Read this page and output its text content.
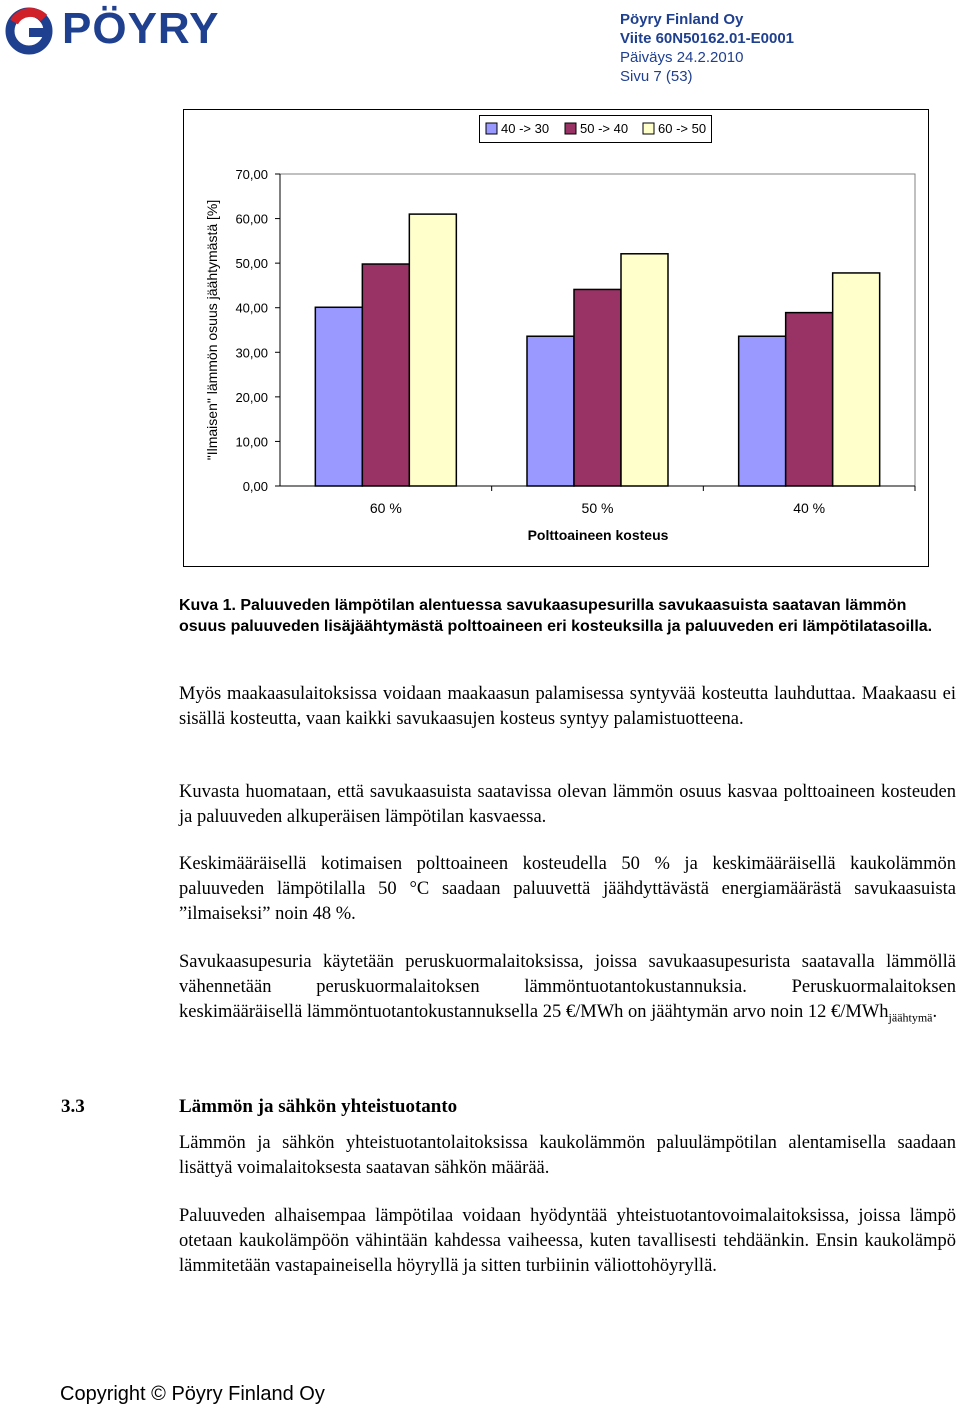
PÖYRY	Pöyry Finland Oy
Viite 60N50162.01-E0001
Päiväys 24.2.2010
Sivu 7 (53)
40 -> 30 50 -> 40 60 -> 50
0,00
10,00
20,00
30,00
40,00
50,00
60,00
70,00
60 %	50 %	40 %
Polttoaineen kosteus
"Ilmaisen" lämmön osuus jäähtymästä [%]
Kuva 1. Paluuveden lämpötilan alentuessa savukaasupesurilla savukaasuista saatavan lämmön osuus paluuveden lisäjäähtymästä polttoaineen eri kosteuksilla ja paluuveden eri lämpötilatasoilla.
Myös maakaasulaitoksissa voidaan maakaasun palamisessa syntyvää kosteutta lauhduttaa. Maakaasu ei sisällä kosteutta, vaan kaikki savukaasujen kosteus syntyy palamistuotteena.
Kuvasta huomataan, että savukaasuista saatavissa olevan lämmön osuus kasvaa polttoaineen kosteuden ja paluuveden alkuperäisen lämpötilan kasvaessa.
Keskimääräisellä kotimaisen polttoaineen kosteudella 50 % ja keskimääräisellä kaukolämmön paluuveden lämpötilalla 50 °C saadaan paluuvettä jäähdyttävästä energiamäärästä savukaasuista ”ilmaiseksi” noin 48 %.
Savukaasupesuria käytetään peruskuormalaitoksissa, joissa savukaasupesurista saatavalla lämmöllä vähennetään peruskuormalaitoksen lämmöntuotantokustannuksia. Peruskuormalaitoksen keskimääräisellä lämmöntuotantokustannuksella 25 €/MWh on jäähtymän arvo noin 12 €/MWh$_{jäähtymä}$.
3.3	Lämmön ja sähkön yhteistuotanto
Lämmön ja sähkön yhteistuotantolaitoksissa kaukolämmön paluulämpötilan alentamisella saadaan lisättyä voimalaitoksesta saatavan sähkön määrää.
Paluuveden alhaisempaa lämpötilaa voidaan hyödyntää yhteistuotantovoimalaitoksissa, joissa lämpö otetaan kaukolämpöön vähintään kahdessa vaiheessa, kuten tavallisesti tehdäänkin. Ensin kaukolämpö lämmitetään vastapaineisella höyryllä ja sitten turbiinin väliottohöyryllä.
Copyright © Pöyry Finland Oy
